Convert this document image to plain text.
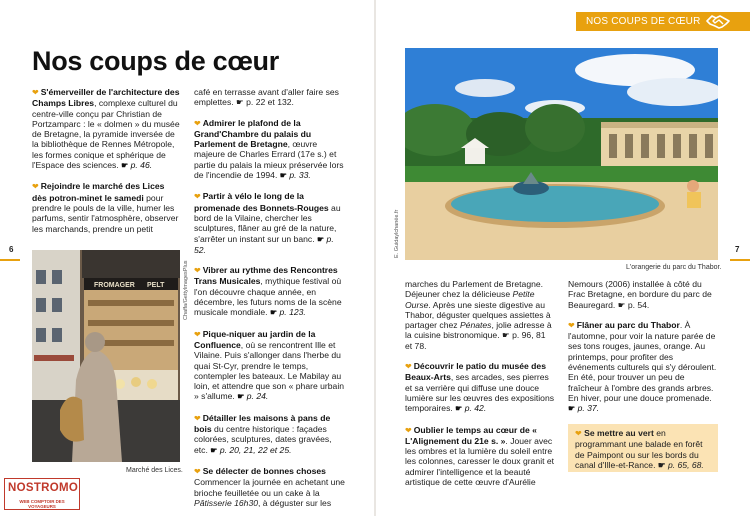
NOS COUPS DE CŒUR
Nos coups de cœur
6	7
❤ S'émerveiller de l'architecture des Champs Libres, complexe culturel du centre-ville conçu par Christian de Portzamparc : le « dolmen » du musée de Bretagne, la pyramide inversée de la bibliothèque de Rennes Métropole, les formes conique et sphérique de l'Espace des sciences. ☛ p. 46.
❤ Rejoindre le marché des Lices dès potron-minet le samedi pour prendre le pouls de la ville, humer les parfums, sentir l'atmosphère, observer les marchands, prendre un petit
café en terrasse avant d'aller faire ses emplettes. ☛ p. 22 et 132.
❤ Admirer le plafond de la Grand'Chambre du palais du Parlement de Bretagne, œuvre majeure de Charles Errard (17e s.) et partie du palais la mieux préservée lors de l'incendie de 1994. ☛ p. 33.
❤ Partir à vélo le long de la promenade des Bonnets-Rouges au bord de la Vilaine, chercher les sculptures, flâner au gré de la nature, s'arrêter un instant sur un banc. ☛ p. 52.
❤ Vibrer au rythme des Rencontres Trans Musicales, mythique festival où l'on découvre chaque année, en décembre, les futurs noms de la scène musicale mondiale. ☛ p. 123.
❤ Pique-niquer au jardin de la Confluence, où se rencontrent Ille et Vilaine. Puis s'allonger dans l'herbe du quai St-Cyr, prendre le temps, contempler les bateaux. Le Mabilay au loin, et attendre que son « phare urbain » s'allume. ☛ p. 24.
❤ Détailler les maisons à pans de bois du centre historique : façades colorées, sculptures, dates gravées, etc. ☛ p. 20, 21, 22 et 25.
❤ Se délecter de bonnes choses Commencer la journée en achetant une brioche feuilletée ou un cake à la Pâtisserie 16h30, à déguster sur les
marches du Parlement de Bretagne. Déjeuner chez la délicieuse Petite Ourse. Après une sieste digestive au Thabor, déguster quelques assiettes à partager chez Pénates, jolie adresse à la cuisine bistronomique. ☛ p. 96, 81 et 78.
❤ Découvrir le patio du musée des Beaux-Arts, ses arcades, ses pierres et sa verrière qui diffuse une douce lumière sur les œuvres des expositions temporaires. ☛ p. 42.
❤ Oublier le temps au cœur de « L'Alignement du 21e s. ». Jouer avec les ombres et la lumière du soleil entre les colonnes, caresser le doux granit et admirer l'intelligence et la beauté artistique de cette œuvre d'Aurélie
Nemours (2006) installée à côté du Frac Bretagne, en bordure du parc de Beauregard. ☛ p. 54.
❤ Flâner au parc du Thabor. À l'automne, pour voir la nature parée de ses tons rouges, jaunes, orange. Au printemps, pour profiter des événements culturels qui s'y déroulent. En été, pour trouver un peu de fraîcheur à l'ombre des grands arbres. En hiver, pour une douce promenade. ☛ p. 37.
❤ Se mettre au vert en programmant une balade en forêt de Paimpont ou sur les bords du canal d'Ille-et-Rance. ☛ p. 65, 68.
FROMAGER PELT	Chaffa/GettyImagesPlus
Marché des Lices.
E. Guidaylchanée.fr
L'orangerie du parc du Thabor.
NOSTROMO
WEB COMPTOIR DES VOYAGEURS
